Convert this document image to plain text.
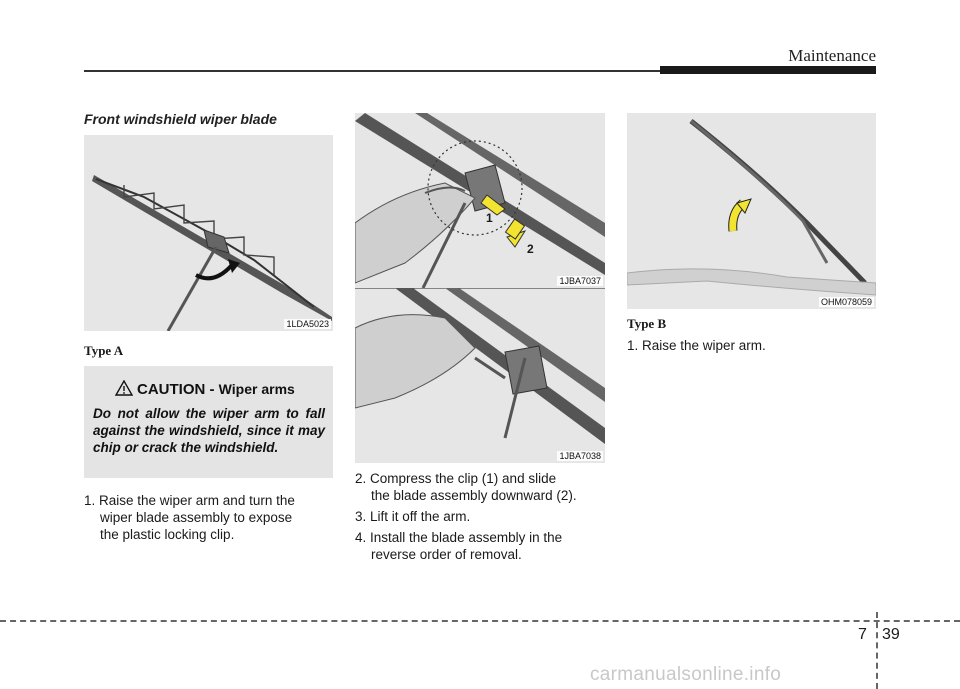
Maintenance
Front windshield wiper blade
1LDA5023
Type A
CAUTION - Wiper arms
Do not allow the wiper arm to fall against the windshield, since it may chip or crack the windshield.
1. Raise the wiper arm and turn the
wiper blade assembly to expose
the plastic locking clip.
1
2
1JBA7037
1JBA7038
2. Compress the clip (1) and slide
the blade assembly downward (2).
3. Lift it off the arm.
4. Install the blade assembly in the
reverse order of removal.
OHM078059
Type B
1. Raise the wiper arm.
7 39
carmanualsonline.info
